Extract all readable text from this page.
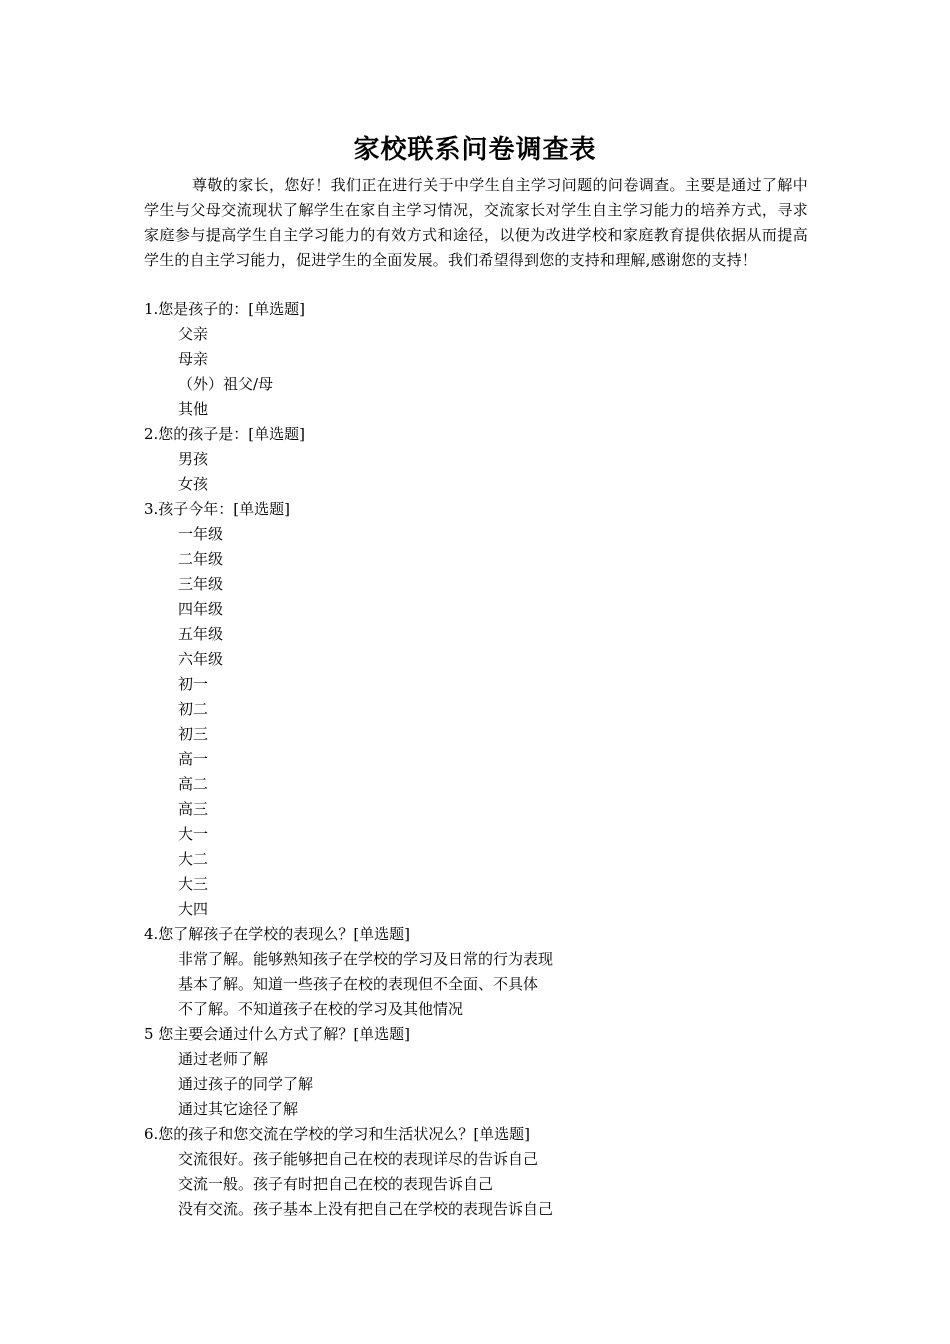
家校联系问卷调查表
尊敬的家长，您好！我们正在进行关于中学生自主学习问题的问卷调查。主要是通过了解中学生与父母交流现状了解学生在家自主学习情况，交流家长对学生自主学习能力的培养方式，寻求家庭参与提高学生自主学习能力的有效方式和途径，以便为改进学校和家庭教育提供依据从而提高学生的自主学习能力，促进学生的全面发展。我们希望得到您的支持和理解,感谢您的支持！
1.您是孩子的：[单选题]
父亲
母亲
（外）祖父/母
其他
2.您的孩子是：[单选题]
男孩
女孩
3.孩子今年：[单选题]
一年级
二年级
三年级
四年级
五年级
六年级
初一
初二
初三
高一
高二
高三
大一
大二
大三
大四
4.您了解孩子在学校的表现么？[单选题]
非常了解。能够熟知孩子在学校的学习及日常的行为表现
基本了解。知道一些孩子在校的表现但不全面、不具体
不了解。不知道孩子在校的学习及其他情况
5 您主要会通过什么方式了解？[单选题]
通过老师了解
通过孩子的同学了解
通过其它途径了解
6.您的孩子和您交流在学校的学习和生活状况么？[单选题]
交流很好。孩子能够把自己在校的表现详尽的告诉自己
交流一般。孩子有时把自己在校的表现告诉自己
没有交流。孩子基本上没有把自己在学校的表现告诉自己
